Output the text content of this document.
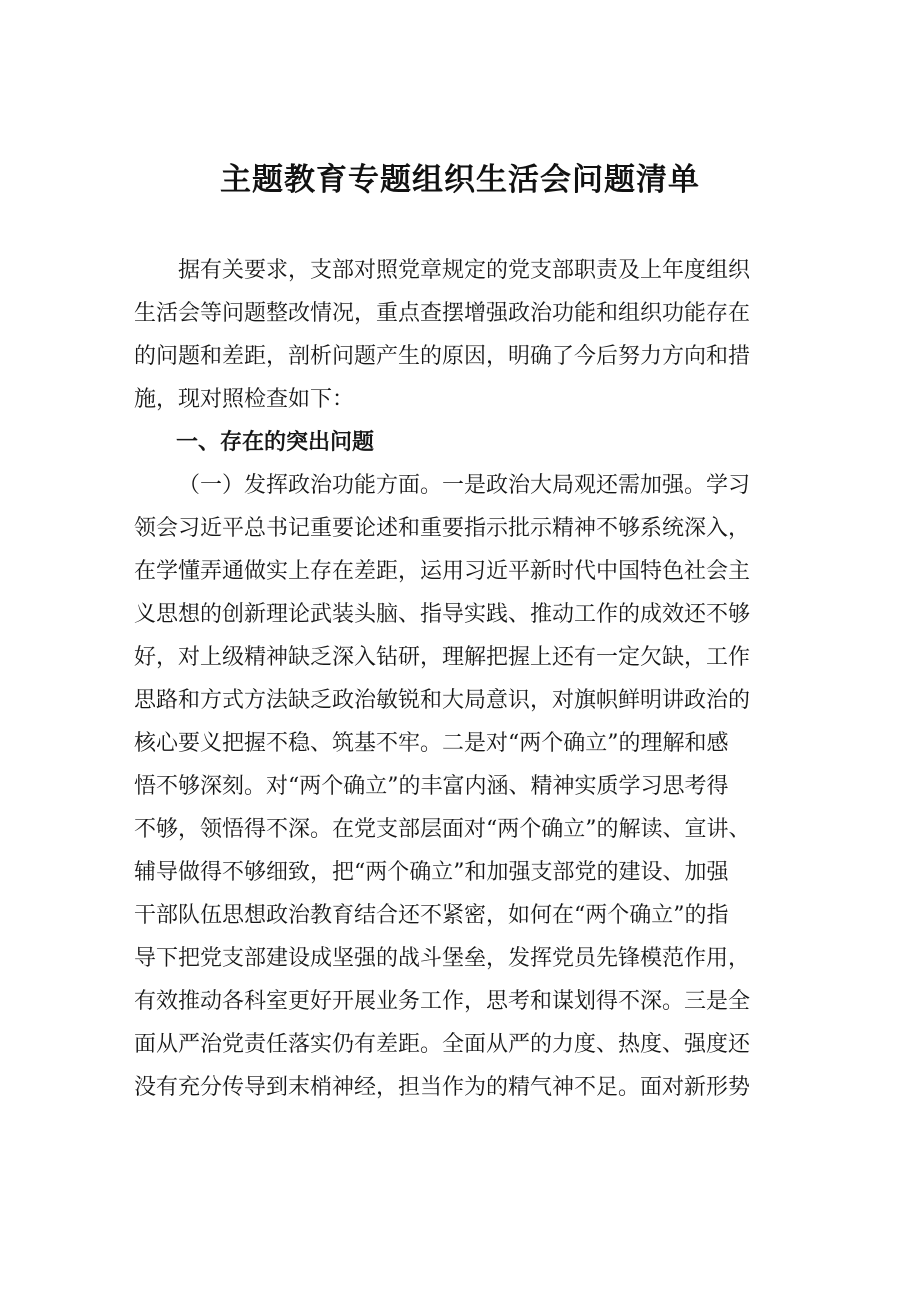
主题教育专题组织生活会问题清单
据有关要求，支部对照党章规定的党支部职责及上年度组织
生活会等问题整改情况，重点查摆增强政治功能和组织功能存在
的问题和差距，剖析问题产生的原因，明确了今后努力方向和措
施，现对照检查如下：
一、存在的突出问题
（一）发挥政治功能方面。一是政治大局观还需加强。学习
领会习近平总书记重要论述和重要指示批示精神不够系统深入，
在学懂弄通做实上存在差距，运用习近平新时代中国特色社会主
义思想的创新理论武装头脑、指导实践、推动工作的成效还不够
好，对上级精神缺乏深入钻研，理解把握上还有一定欠缺，工作
思路和方式方法缺乏政治敏锐和大局意识，对旗帜鲜明讲政治的
核心要义把握不稳、筑基不牢。二是对“两个确立”的理解和感
悟不够深刻。对“两个确立”的丰富内涵、精神实质学习思考得
不够，领悟得不深。在党支部层面对“两个确立”的解读、宣讲、
辅导做得不够细致，把“两个确立”和加强支部党的建设、加强
干部队伍思想政治教育结合还不紧密，如何在“两个确立”的指
导下把党支部建设成坚强的战斗堡垒，发挥党员先锋模范作用，
有效推动各科室更好开展业务工作，思考和谋划得不深。三是全
面从严治党责任落实仍有差距。全面从严的力度、热度、强度还
没有充分传导到末梢神经，担当作为的精气神不足。面对新形势
